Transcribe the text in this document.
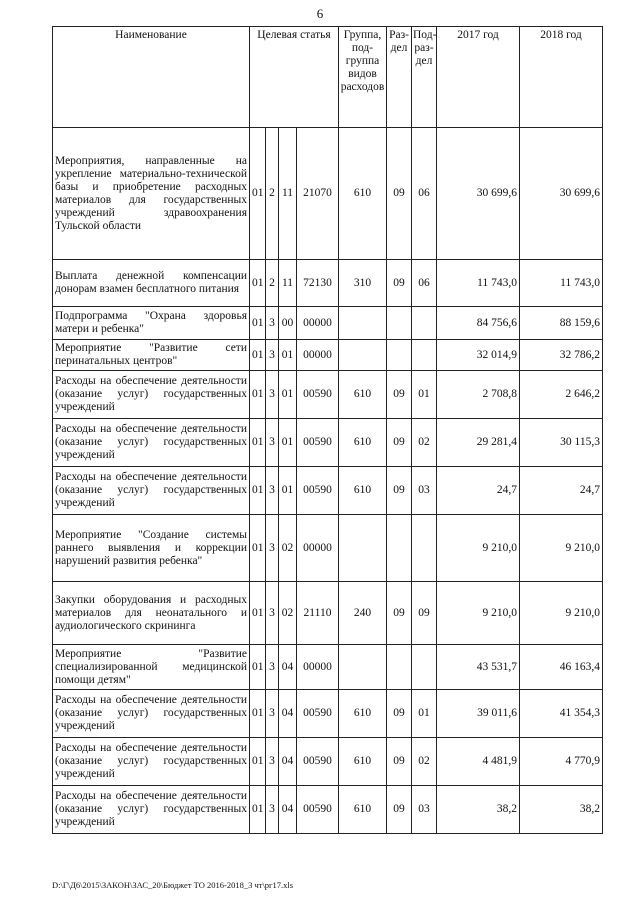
6
Наименование	Целевая статья				Группа, под-группа видов расходов	Раз-дел	Под-раз-дел	2017 год	2018 год
Мероприятия, направленные на укрепление материально-технической базы и приобретение расходных материалов для государственных учреждений здравоохранения Тульской области	01	2	11	21070	610	09	06	30 699,6	30 699,6
Выплата денежной компенсации донорам взамен бесплатного питания	01	2	11	72130	310	09	06	11 743,0	11 743,0
Подпрограмма "Охрана здоровья матери и ребенка"	01	3	00	00000				84 756,6	88 159,6
Мероприятие "Развитие сети перинатальных центров"	01	3	01	00000				32 014,9	32 786,2
Расходы на обеспечение деятельности (оказание услуг) государственных учреждений	01	3	01	00590	610	09	01	2 708,8	2 646,2
Расходы на обеспечение деятельности (оказание услуг) государственных учреждений	01	3	01	00590	610	09	02	29 281,4	30 115,3
Расходы на обеспечение деятельности (оказание услуг) государственных учреждений	01	3	01	00590	610	09	03	24,7	24,7
Мероприятие "Создание системы раннего выявления и коррекции нарушений развития ребенка"	01	3	02	00000				9 210,0	9 210,0
Закупки оборудования и расходных материалов для неонатального и аудиологического скрининга	01	3	02	21110	240	09	09	9 210,0	9 210,0
Мероприятие "Развитие специализированной медицинской помощи детям"	01	3	04	00000				43 531,7	46 163,4
Расходы на обеспечение деятельности (оказание услуг) государственных учреждений	01	3	04	00590	610	09	01	39 011,6	41 354,3
Расходы на обеспечение деятельности (оказание услуг) государственных учреждений	01	3	04	00590	610	09	02	4 481,9	4 770,9
Расходы на обеспечение деятельности (оказание услуг) государственных учреждений	01	3	04	00590	610	09	03	38,2	38,2
D:\Г\Д6\2015\ЗАКОН\ЗАС_20\Бюджет ТО 2016-2018_3 чт\рг17.xls
